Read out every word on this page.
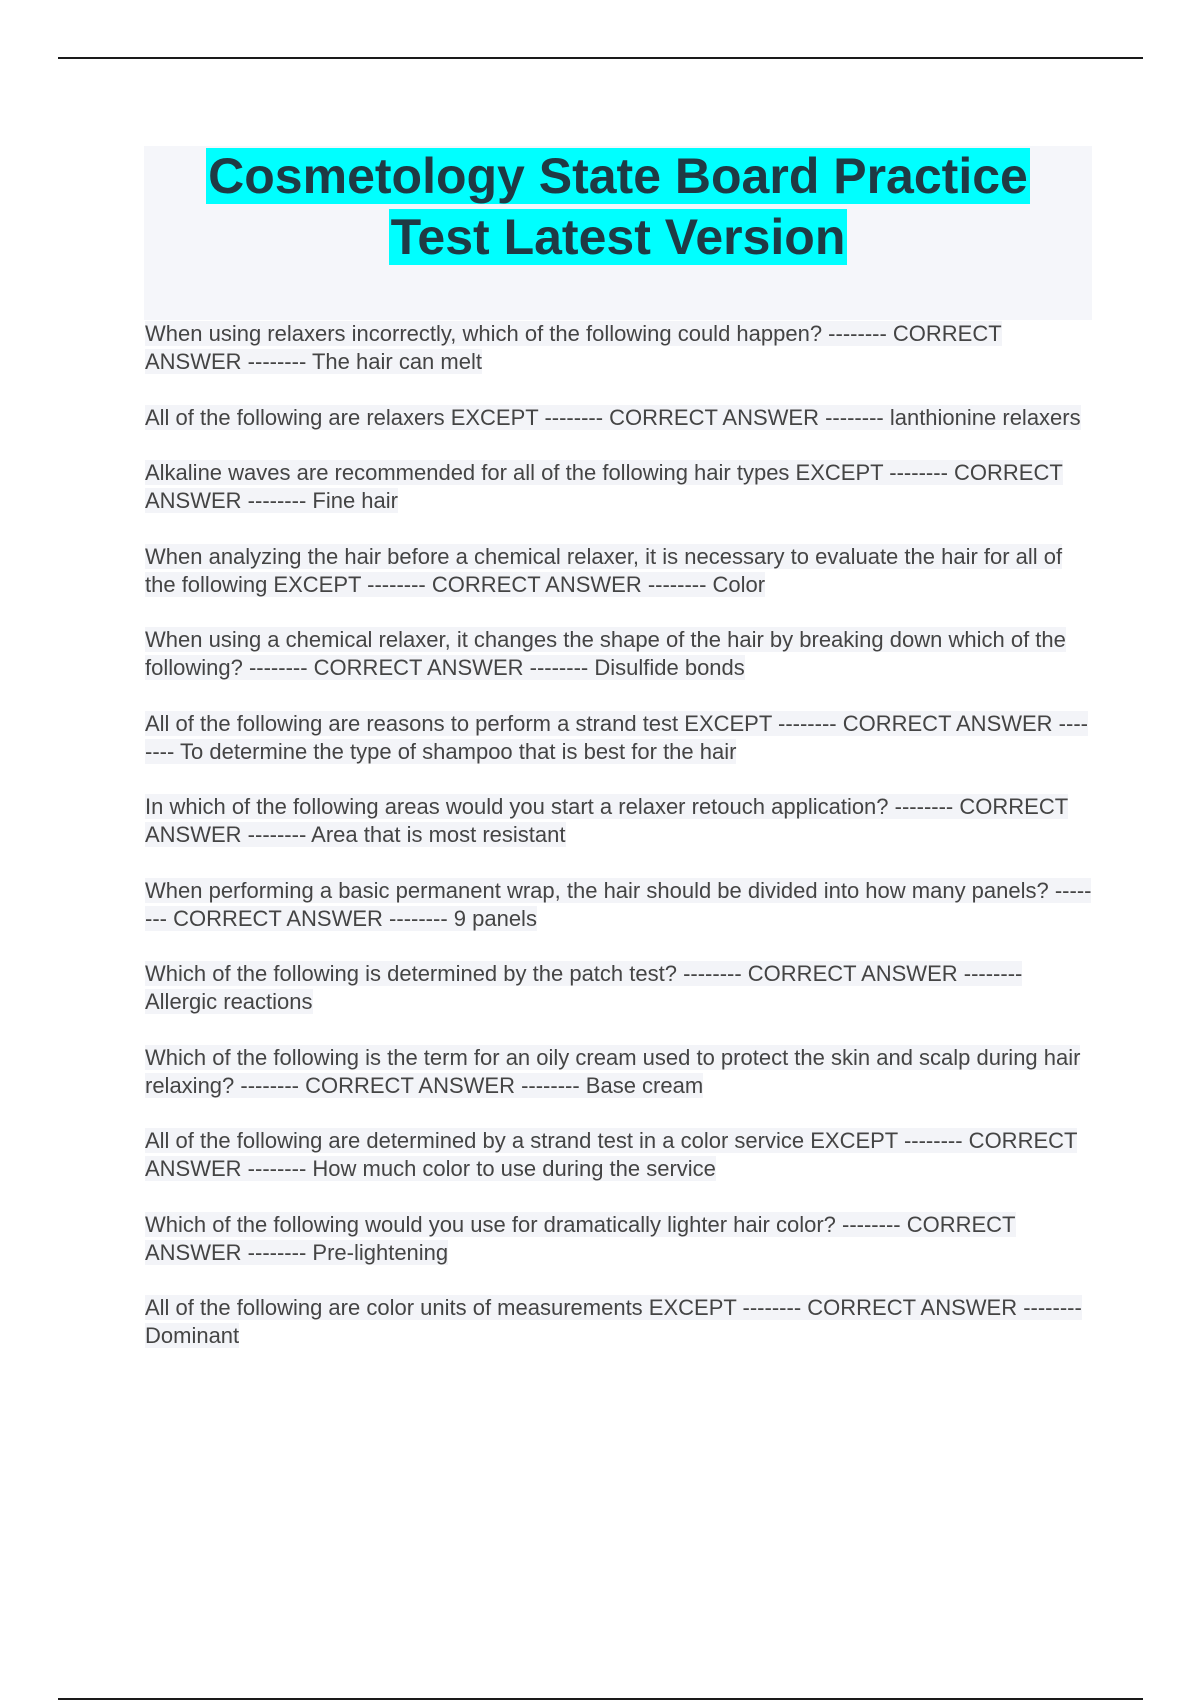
Cosmetology State Board Practice
Test Latest Version

When using relaxers incorrectly, which of the following could happen? -------- CORRECT ANSWER -------- The hair can melt

All of the following are relaxers EXCEPT -------- CORRECT ANSWER -------- lanthionine relaxers

Alkaline waves are recommended for all of the following hair types EXCEPT -------- CORRECT ANSWER -------- Fine hair

When analyzing the hair before a chemical relaxer, it is necessary to evaluate the hair for all of the following EXCEPT -------- CORRECT ANSWER -------- Color

When using a chemical relaxer, it changes the shape of the hair by breaking down which of the following? -------- CORRECT ANSWER -------- Disulfide bonds

All of the following are reasons to perform a strand test EXCEPT -------- CORRECT ANSWER -------- To determine the type of shampoo that is best for the hair

In which of the following areas would you start a relaxer retouch application? -------- CORRECT ANSWER -------- Area that is most resistant

When performing a basic permanent wrap, the hair should be divided into how many panels? -------- CORRECT ANSWER -------- 9 panels

Which of the following is determined by the patch test? -------- CORRECT ANSWER -------- Allergic reactions

Which of the following is the term for an oily cream used to protect the skin and scalp during hair relaxing? -------- CORRECT ANSWER -------- Base cream

All of the following are determined by a strand test in a color service EXCEPT -------- CORRECT ANSWER -------- How much color to use during the service

Which of the following would you use for dramatically lighter hair color? -------- CORRECT ANSWER -------- Pre-lightening

All of the following are color units of measurements EXCEPT -------- CORRECT ANSWER -------- Dominant
